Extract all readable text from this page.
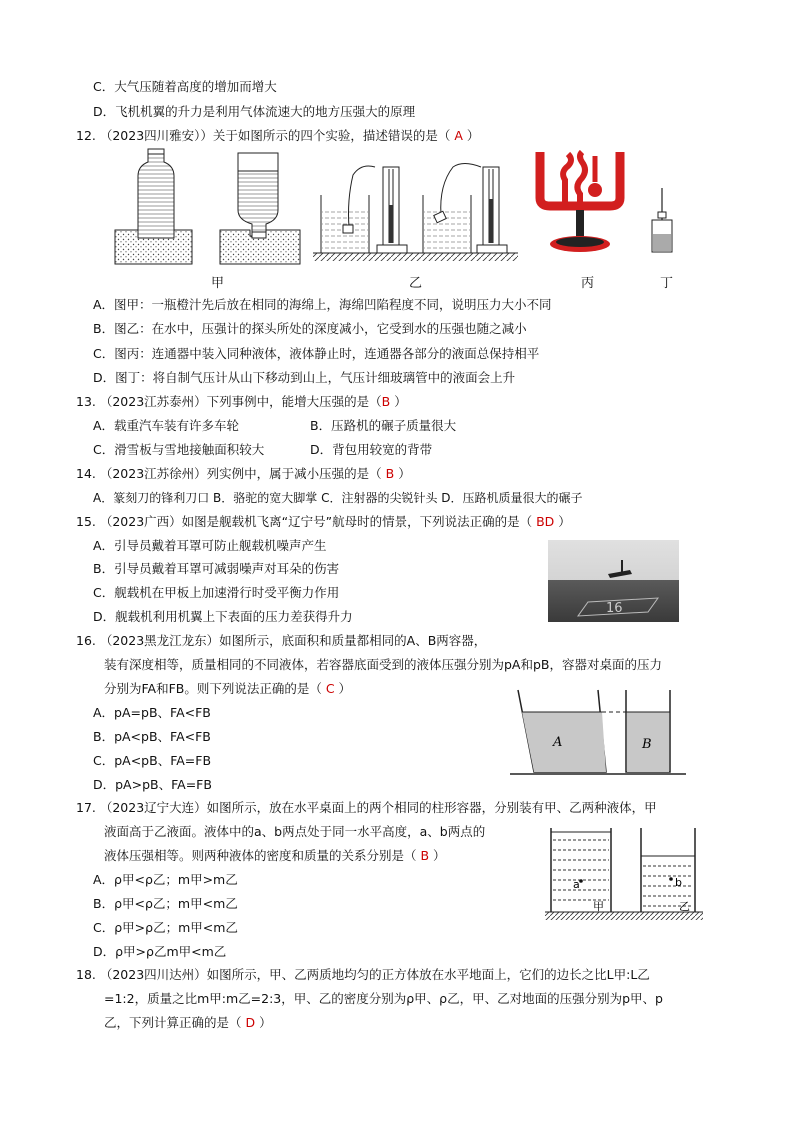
C．大气压随着高度的增加而增大
D．飞机机翼的升力是利用气体流速大的地方压强大的原理
12. （2023四川雅安））关于如图所示的四个实验，描述错误的是（ A ）
甲	乙	丙	丁
A．图甲：一瓶橙汁先后放在相同的海绵上，海绵凹陷程度不同，说明压力大小不同
B．图乙：在水中，压强计的探头所处的深度减小，它受到水的压强也随之减小
C．图丙：连通器中装入同种液体，液体静止时，连通器各部分的液面总保持相平
D．图丁：将自制气压计从山下移动到山上，气压计细玻璃管中的液面会上升
13. （2023江苏泰州）下列事例中，能增大压强的是（B ）
A．载重汽车装有许多车轮	B．压路机的碾子质量很大
C．滑雪板与雪地接触面积较大	D．背包用较宽的背带
14. （2023江苏徐州）列实例中，属于减小压强的是（ B ）
A．篆刻刀的锋利刀口 B．骆驼的宽大脚掌 C．注射器的尖锐针头 D．压路机质量很大的碾子
15. （2023广西）如图是舰载机飞离“辽宁号”航母时的情景，下列说法正确的是（ BD ）
A．引导员戴着耳罩可防止舰载机噪声产生
B．引导员戴着耳罩可减弱噪声对耳朵的伤害
C．舰载机在甲板上加速滑行时受平衡力作用
D．舰载机利用机翼上下表面的压力差获得升力
16
16. （2023黑龙江龙东）如图所示，底面积和质量都相同的A、B两容器，
装有深度相等，质量相同的不同液体，若容器底面受到的液体压强分别为pA和pB，容器对桌面的压力
分别为FA和FB。则下列说法正确的是（ C ）
A．pA=pB、FA<FB
B．pA<pB、FA<FB
C．pA<pB、FA=FB
D．pA>pB、FA=FB
A	B
17. （2023辽宁大连）如图所示，放在水平桌面上的两个相同的柱形容器，分别装有甲、乙两种液体，甲
液面高于乙液面。液体中的a、b两点处于同一水平高度，a、b两点的
液体压强相等。则两种液体的密度和质量的关系分别是（ B ）
A．ρ甲<ρ乙；m甲>m乙
B．ρ甲<ρ乙；m甲<m乙
C．ρ甲>ρ乙；m甲<m乙
D．ρ甲>ρ乙m甲<m乙
a
甲
b
乙
18. （2023四川达州）如图所示，甲、乙两质地均匀的正方体放在水平地面上，它们的边长之比L甲:L乙
=1:2，质量之比m甲:m乙=2:3，甲、乙的密度分别为ρ甲、ρ乙，甲、乙对地面的压强分别为p甲、p
乙，下列计算正确的是（ D ）
